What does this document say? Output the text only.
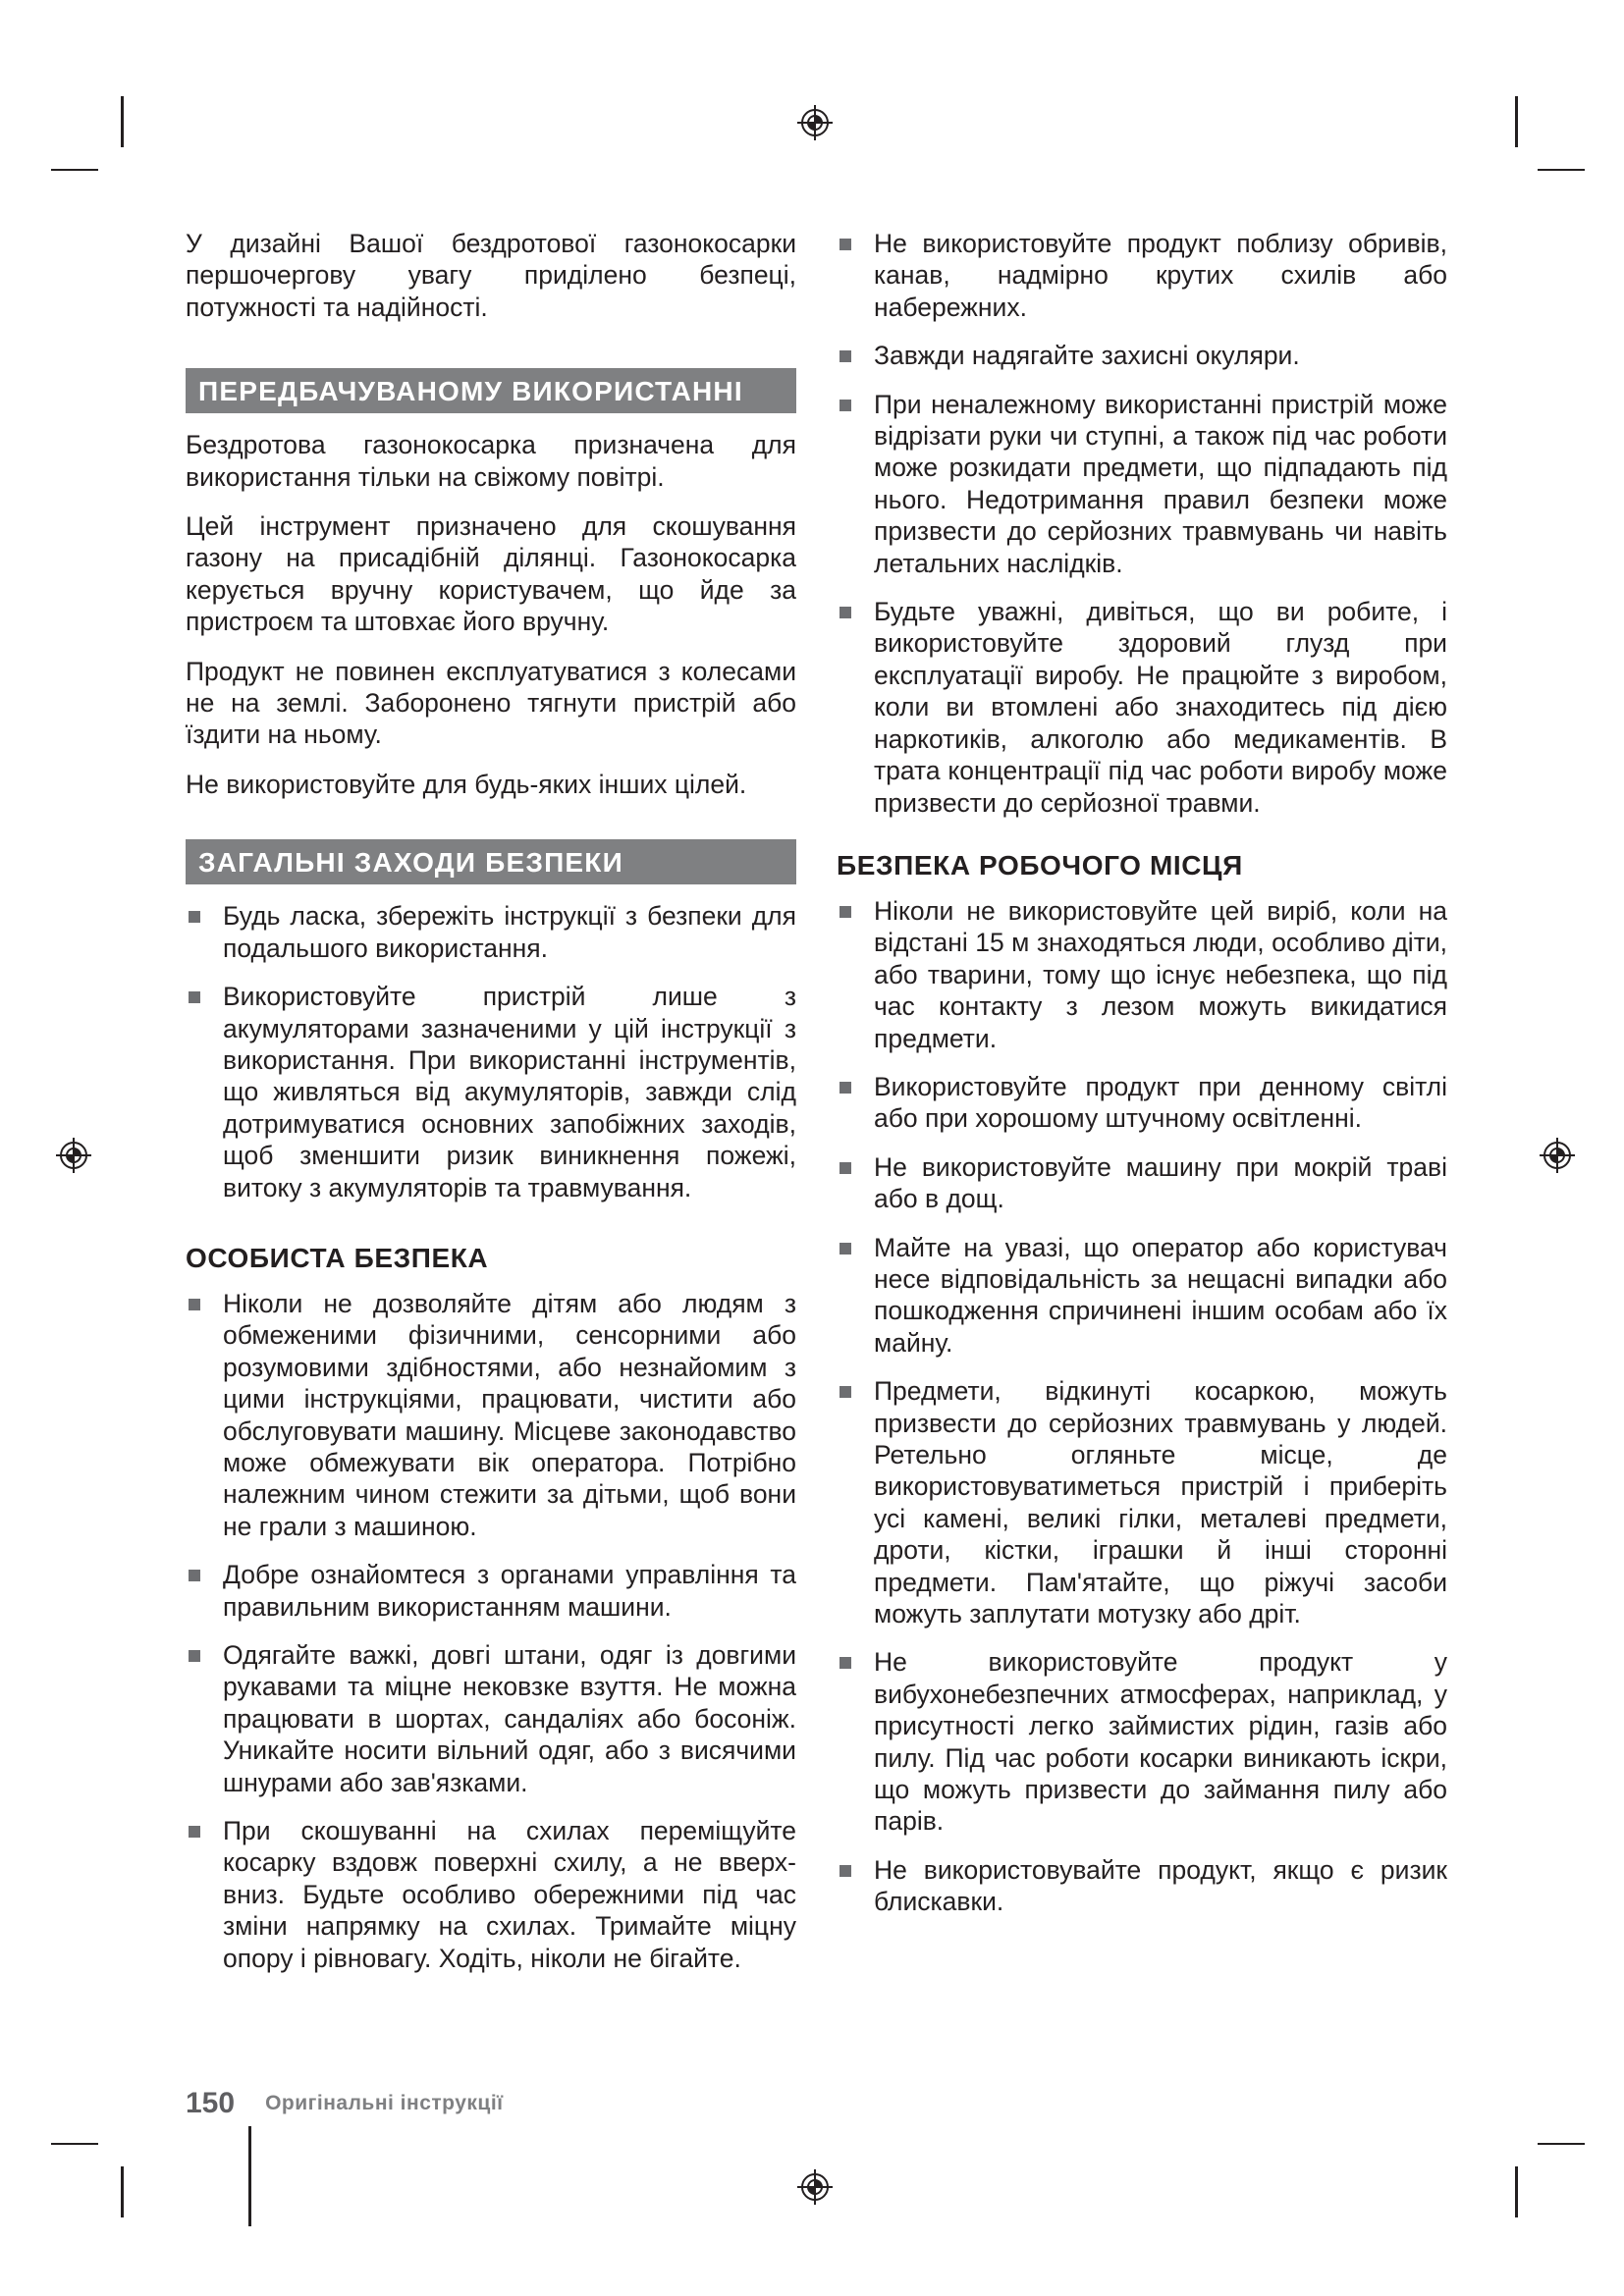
У дизайні Вашої бездротової газонокосарки першочергову увагу приділено безпеці, потужності та надійності.

ПЕРЕДБАЧУВАНОМУ ВИКОРИСТАННІ

Бездротова газонокосарка призначена для використання тільки на свіжому повітрі.

Цей інструмент призначено для скошування газону на присадібній ділянці. Газонокосарка керується вручну користувачем, що йде за пристроєм та штовхає його вручну.

Продукт не повинен експлуатуватися з колесами не на землі. Заборонено тягнути пристрій або їздити на ньому.

Не використовуйте для будь-яких інших цілей.

ЗАГАЛЬНІ ЗАХОДИ БЕЗПЕКИ
Будь ласка, збережіть інструкції з безпеки для подальшого використання.
Використовуйте пристрій лише з акумуляторами зазначеними у цій інструкції з використання. При використанні інструментів, що живляться від акумуляторів, завжди слід дотримуватися основних запобіжних заходів, щоб зменшити ризик виникнення пожежі, витоку з акумуляторів та травмування.
ОСОБИСТА БЕЗПЕКА
Ніколи не дозволяйте дітям або людям з обмеженими фізичними, сенсорними або розумовими здібностями, або незнайомим з цими інструкціями, працювати, чистити або обслуговувати машину. Місцеве законодавство може обмежувати вік оператора. Потрібно належним чином стежити за дітьми, щоб вони не грали з машиною.
Добре ознайомтеся з органами управління та правильним використанням машини.
Одягайте важкі, довгі штани, одяг із довгими рукавами та міцне нековзке взуття. Не можна працювати в шортах, сандаліях або босоніж. Уникайте носити вільний одяг, або з висячими шнурами або зав'язками.
При скошуванні на схилах переміщуйте косарку вздовж поверхні схилу, а не вверх-вниз. Будьте особливо обережними під час зміни напрямку на схилах. Тримайте міцну опору і рівновагу. Ходіть, ніколи не бігайте.
Не використовуйте продукт поблизу обривів, канав, надмірно крутих схилів або набережних.
Завжди надягайте захисні окуляри.
При неналежному використанні пристрій може відрізати руки чи ступні, а також під час роботи може розкидати предмети, що підпадають під нього. Недотримання правил безпеки може призвести до серйозних травмувань чи навіть летальних наслідків.
Будьте уважні, дивіться, що ви робите, і використовуйте здоровий глузд при експлуатації виробу. Не працюйте з виробом, коли ви втомлені або знаходитесь під дією наркотиків, алкоголю або медикаментів. В трата концентрації під час роботи виробу може призвести до серйозної травми.
БЕЗПЕКА РОБОЧОГО МІСЦЯ
Ніколи не використовуйте цей виріб, коли на відстані 15 м знаходяться люди, особливо діти, або тварини, тому що існує небезпека, що під час контакту з лезом можуть викидатися предмети.
Використовуйте продукт при денному світлі або при хорошому штучному освітленні.
Не використовуйте машину при мокрій траві або в дощ.
Майте на увазі, що оператор або користувач несе відповідальність за нещасні випадки або пошкодження спричинені іншим особам або їх майну.
Предмети, відкинуті косаркою, можуть призвести до серйозних травмувань у людей. Ретельно огляньте місце, де використовуватиметься пристрій і приберіть усі камені, великі гілки, металеві предмети, дроти, кістки, іграшки й інші сторонні предмети. Пам'ятайте, що ріжучі засоби можуть заплутати мотузку або дріт.
Не використовуйте продукт у вибухонебезпечних атмосферах, наприклад, у присутності легко займистих рідин, газів або пилу. Під час роботи косарки виникають іскри, що можуть призвести до займання пилу або парів.
Не використовувайте продукт, якщо є ризик блискавки.
150 Оригінальні інструкції
